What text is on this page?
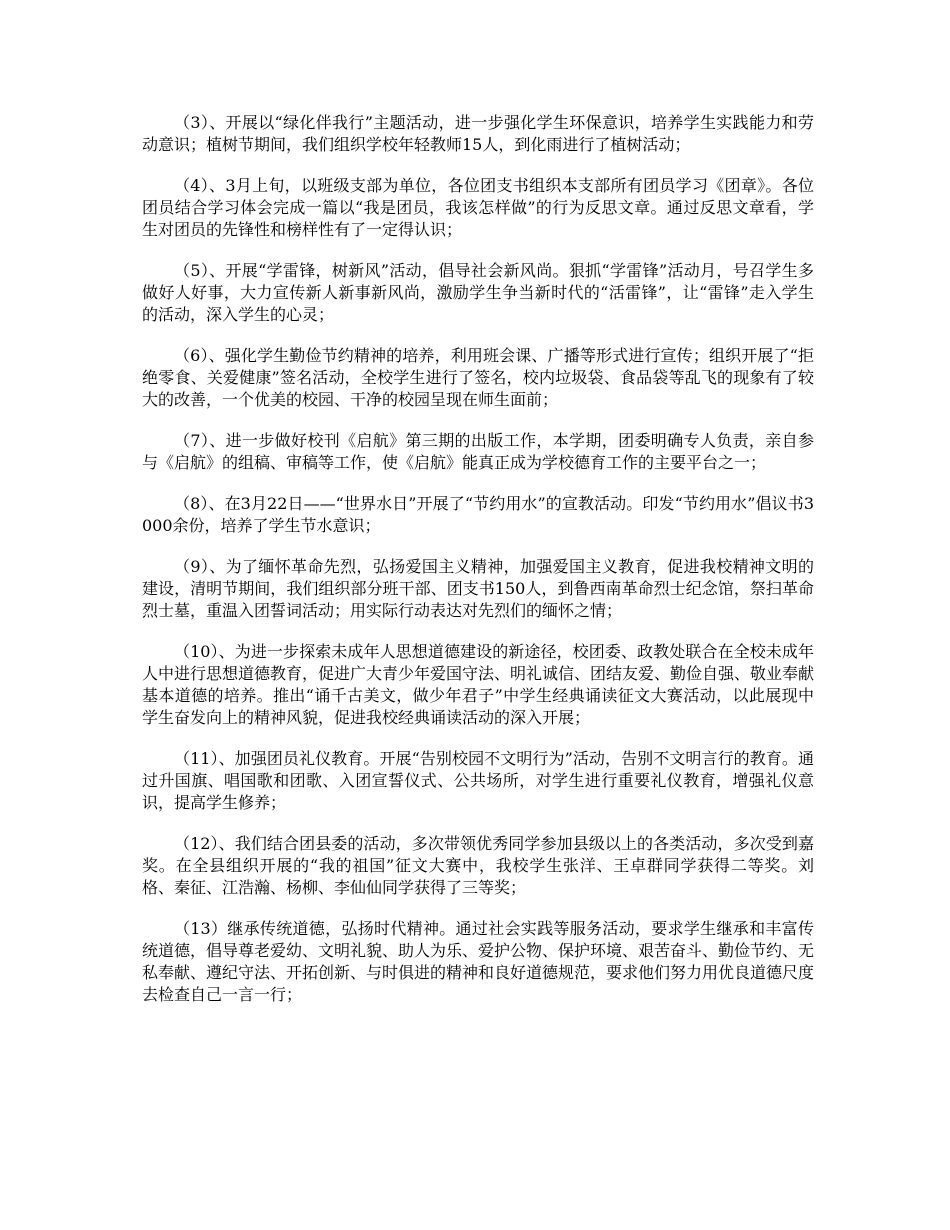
（3）、开展以“绿化伴我行”主题活动，进一步强化学生环保意识，培养学生实践能力和劳动意识；植树节期间，我们组织学校年轻教师15人，到化雨进行了植树活动；

（4）、3月上旬，以班级支部为单位，各位团支书组织本支部所有团员学习《团章》。各位团员结合学习体会完成一篇以“我是团员，我该怎样做”的行为反思文章。通过反思文章看，学生对团员的先锋性和榜样性有了一定得认识；

（5）、开展“学雷锋，树新风”活动，倡导社会新风尚。狠抓“学雷锋”活动月，号召学生多做好人好事，大力宣传新人新事新风尚，激励学生争当新时代的“活雷锋”，让“雷锋”走入学生的活动，深入学生的心灵；

（6）、强化学生勤俭节约精神的培养，利用班会课、广播等形式进行宣传；组织开展了“拒绝零食、关爱健康”签名活动，全校学生进行了签名，校内垃圾袋、食品袋等乱飞的现象有了较大的改善，一个优美的校园、干净的校园呈现在师生面前；

（7）、进一步做好校刊《启航》第三期的出版工作，本学期，团委明确专人负责，亲自参与《启航》的组稿、审稿等工作，使《启航》能真正成为学校德育工作的主要平台之一；

（8）、在3月22日——“世界水日”开展了“节约用水”的宣教活动。印发“节约用水”倡议书3000余份，培养了学生节水意识；

（9）、为了缅怀革命先烈，弘扬爱国主义精神，加强爱国主义教育，促进我校精神文明的建设，清明节期间，我们组织部分班干部、团支书150人，到鲁西南革命烈士纪念馆，祭扫革命烈士墓，重温入团誓词活动；用实际行动表达对先烈们的缅怀之情；

（10）、为进一步探索未成年人思想道德建设的新途径，校团委、政教处联合在全校未成年人中进行思想道德教育，促进广大青少年爱国守法、明礼诚信、团结友爱、勤俭自强、敬业奉献基本道德的培养。推出“诵千古美文，做少年君子”中学生经典诵读征文大赛活动，以此展现中学生奋发向上的精神风貌，促进我校经典诵读活动的深入开展；

（11）、加强团员礼仪教育。开展“告别校园不文明行为”活动，告别不文明言行的教育。通过升国旗、唱国歌和团歌、入团宣誓仪式、公共场所，对学生进行重要礼仪教育，增强礼仪意识，提高学生修养；

（12）、我们结合团县委的活动，多次带领优秀同学参加县级以上的各类活动，多次受到嘉奖。在全县组织开展的“我的祖国”征文大赛中，我校学生张洋、王卓群同学获得二等奖。刘格、秦征、江浩瀚、杨柳、李仙仙同学获得了三等奖；

（13）继承传统道德，弘扬时代精神。通过社会实践等服务活动，要求学生继承和丰富传统道德，倡导尊老爱幼、文明礼貌、助人为乐、爱护公物、保护环境、艰苦奋斗、勤俭节约、无私奉献、遵纪守法、开拓创新、与时俱进的精神和良好道德规范，要求他们努力用优良道德尺度去检查自己一言一行；
